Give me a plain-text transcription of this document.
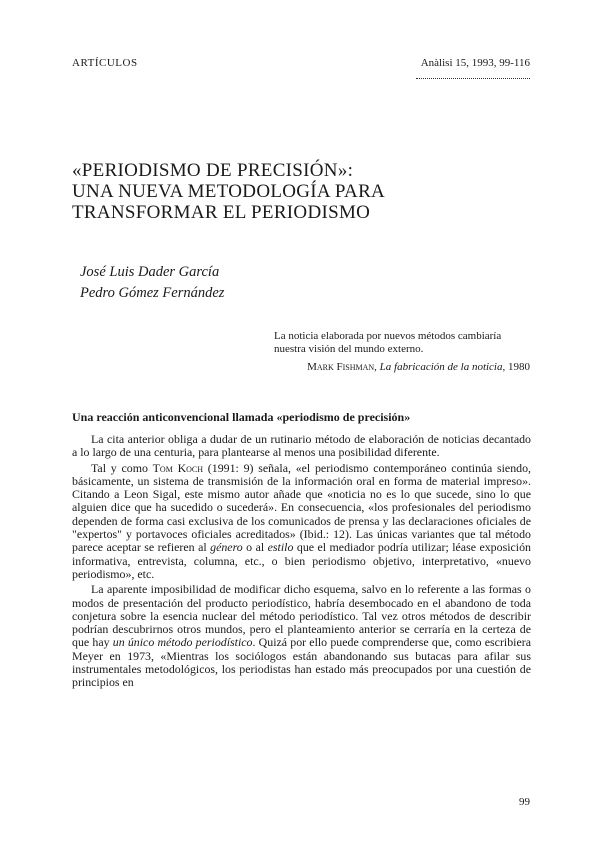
ARTÍCULOS	Anàlisi 15, 1993, 99-116
«PERIODISMO DE PRECISIÓN»:
UNA NUEVA METODOLOGÍA PARA
TRANSFORMAR EL PERIODISMO
José Luis Dader García
Pedro Gómez Fernández
La noticia elaborada por nuevos métodos cambiaría nuestra visión del mundo externo.
Mark Fishman, La fabricación de la noticia, 1980
Una reacción anticonvencional llamada «periodismo de precisión»

La cita anterior obliga a dudar de un rutinario método de elaboración de noticias decantado a lo largo de una centuria, para plantearse al menos una posibilidad diferente.

Tal y como Tom Koch (1991: 9) señala, «el periodismo contemporáneo continúa siendo, básicamente, un sistema de transmisión de la información oral en forma de material impreso». Citando a Leon Sigal, este mismo autor añade que «noticia no es lo que sucede, sino lo que alguien dice que ha sucedido o sucederá». En consecuencia, «los profesionales del periodismo dependen de forma casi exclusiva de los comunicados de prensa y las declaraciones oficiales de "expertos" y portavoces oficiales acreditados» (Ibid.: 12). Las únicas variantes que tal método parece aceptar se refieren al género o al estilo que el mediador podría utilizar; léase exposición informativa, entrevista, columna, etc., o bien periodismo objetivo, interpretativo, «nuevo periodismo», etc.

La aparente imposibilidad de modificar dicho esquema, salvo en lo referente a las formas o modos de presentación del producto periodístico, habría desembocado en el abandono de toda conjetura sobre la esencia nuclear del método periodístico. Tal vez otros métodos de describir podrían descubrirnos otros mundos, pero el planteamiento anterior se cerraría en la certeza de que hay un único método periodístico. Quizá por ello puede comprenderse que, como escribiera Meyer en 1973, «Mientras los sociólogos están abandonando sus butacas para afilar sus instrumentales metodológicos, los periodistas han estado más preocupados por una cuestión de principios en

99
